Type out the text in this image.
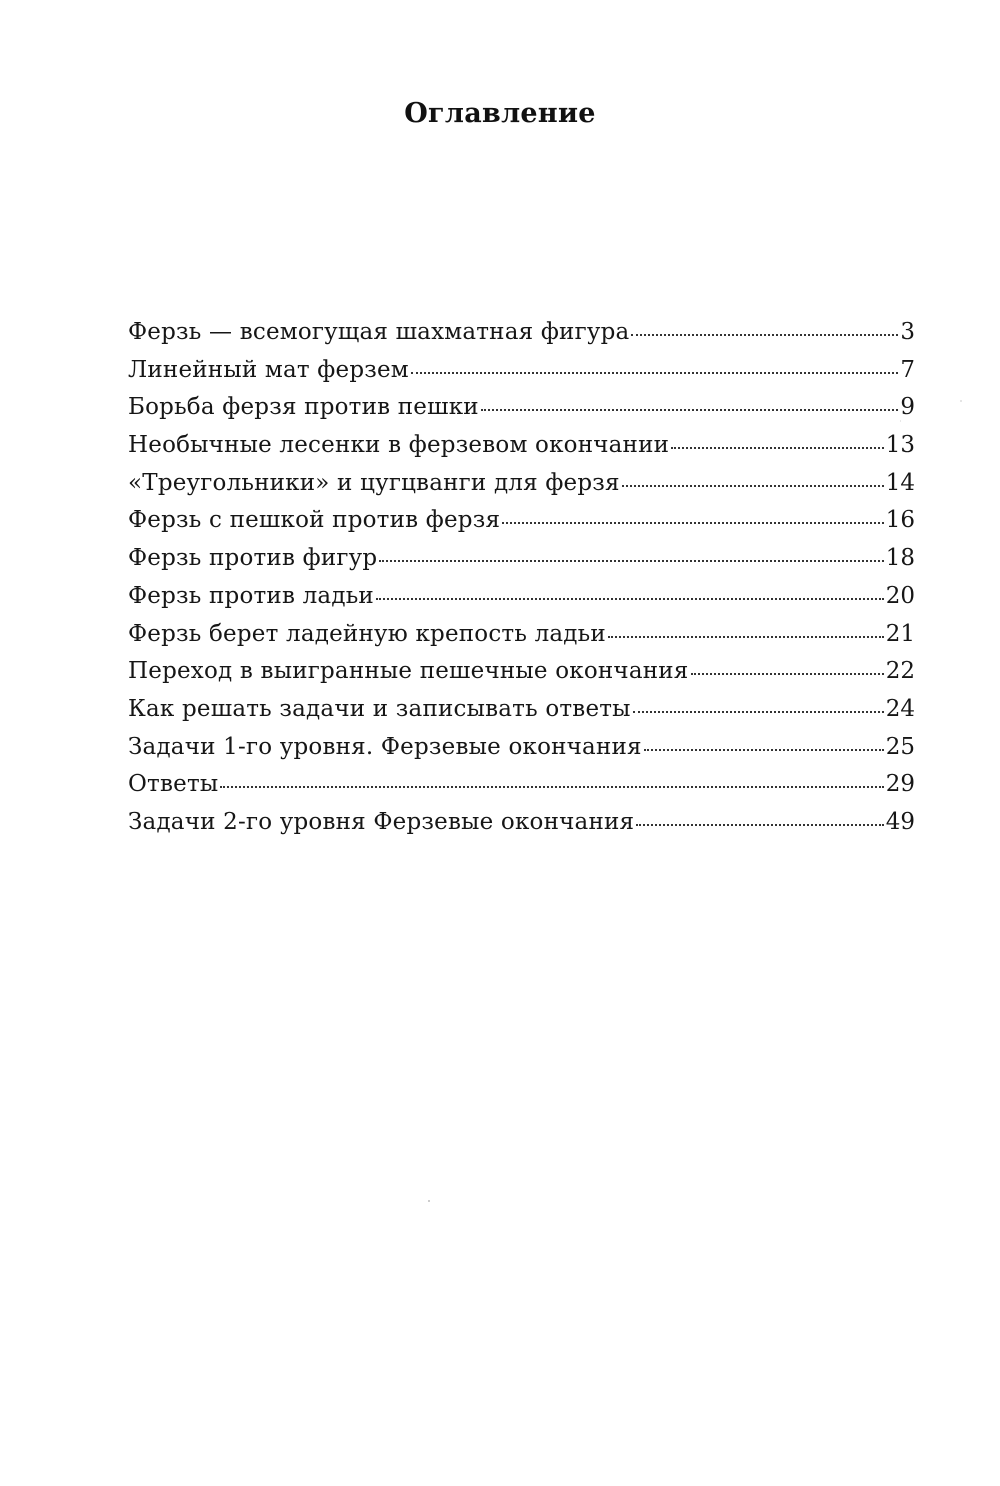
Оглавление
Ферзь — всемогущая шахматная фигура	3
Линейный мат ферзем	7
Борьба ферзя против пешки	9
Необычные лесенки в ферзевом окончании	13
«Треугольники» и цугцванги для ферзя	14
Ферзь с пешкой против ферзя	16
Ферзь против фигур	18
Ферзь против ладьи	20
Ферзь берет ладейную крепость ладьи	21
Переход в выигранные пешечные окончания	22
Как решать задачи и записывать ответы	24
Задачи 1-го уровня. Ферзевые окончания	25
Ответы	29
Задачи 2-го уровня Ферзевые окончания	49
